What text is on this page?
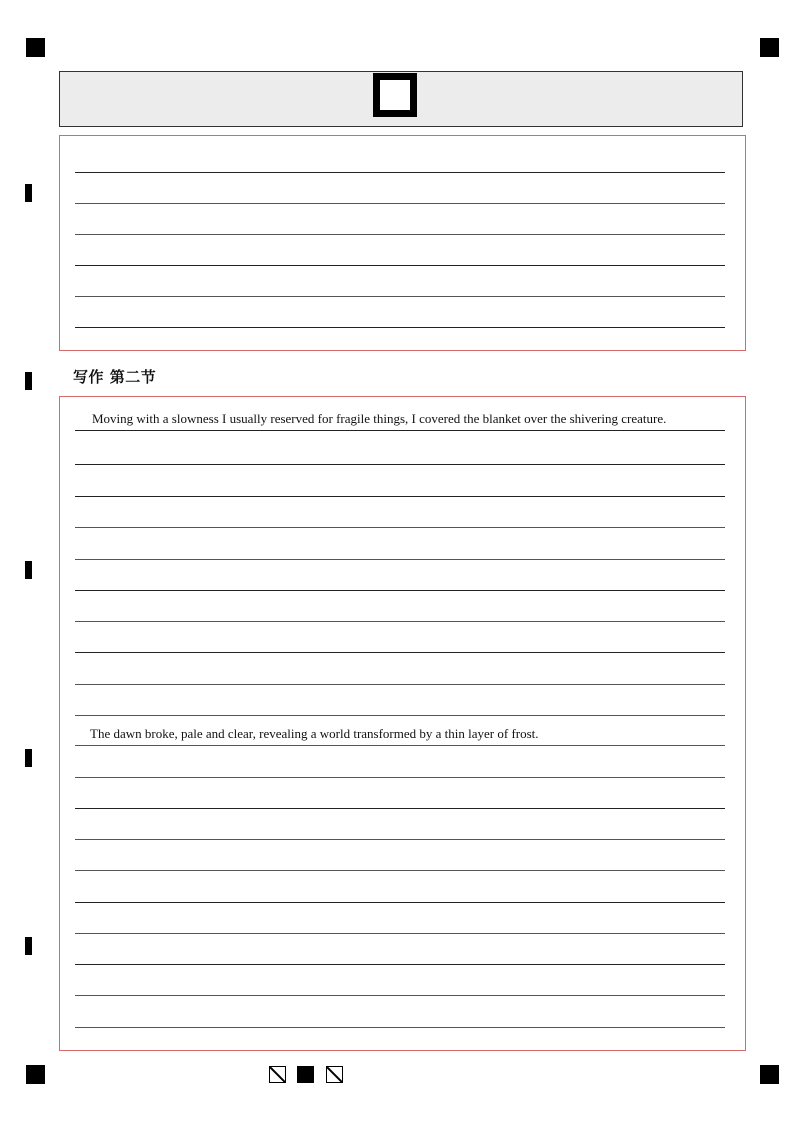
写作 第二节
Moving with a slowness I usually reserved for fragile things, I covered the blanket over the shivering creature.
The dawn broke, pale and clear, revealing a world transformed by a thin layer of frost.
